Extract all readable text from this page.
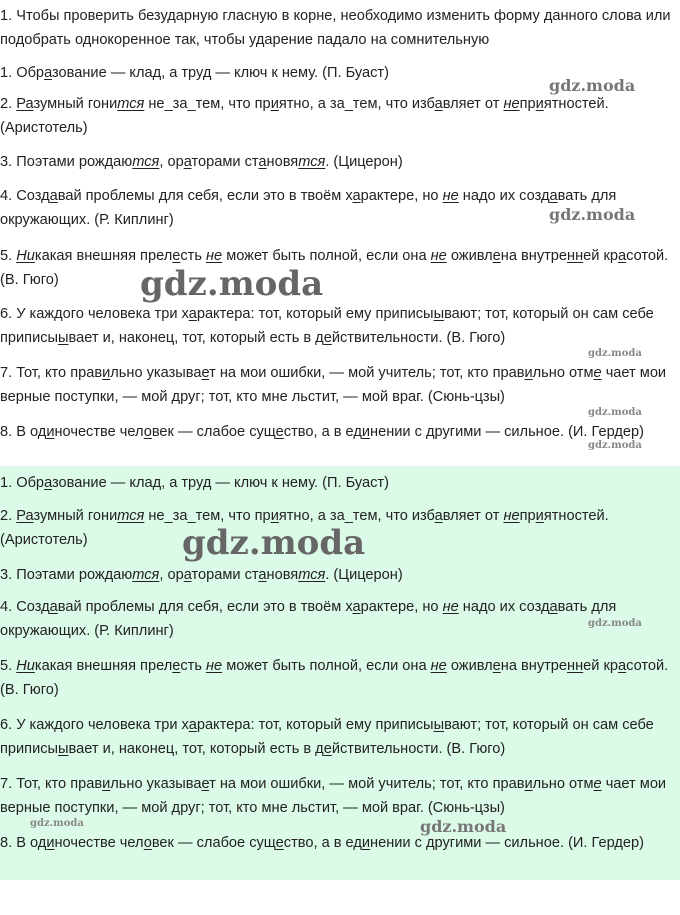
1. Чтобы проверить безударную гласную в корне, необходимо изменить форму данного слова или подобрать однокоренное так, чтобы ударение падало на сомнительную

1. Образование — клад, а труд — ключ к нему. (П. Буаст)

2. Разумный гонится не_за_тем, что приятно, а за_тем, что избавляет от неприятностей. (Аристотель)

3. Поэтами рождаются, ораторами становятся. (Цицерон)

4. Создавай проблемы для себя, если это в твоём характере, но не надо их создавать для окружающих. (Р. Киплинг)

5. Никакая внешняя прелесть не может быть полной, если она не оживлена внутренней красотой. (В. Гюго)

6. У каждого человека три характера: тот, который ему приписыывают; тот, который он сам себе приписыывает и, наконец, тот, который есть в действительности. (В. Гюго)

7. Тот, кто правильно указывает на мои ошибки, — мой учитель; тот, кто правильно отме чает мои верные поступки, — мой друг; тот, кто мне льстит, — мой враг. (Сюнь-цзы)

8. В одиночестве человек — слабое существо, а в единении с другими — сильное. (И. Гердер)

1. Образование — клад, а труд — ключ к нему. (П. Буаст)

2. Разумный гонится не_за_тем, что приятно, а за_тем, что избавляет от неприятностей. (Аристотель)

3. Поэтами рождаются, ораторами становятся. (Цицерон)

4. Создавай проблемы для себя, если это в твоём характере, но не надо их создавать для окружающих. (Р. Киплинг)

5. Никакая внешняя прелесть не может быть полной, если она не оживлена внутренней красотой. (В. Гюго)

6. У каждого человека три характера: тот, который ему приписыывают; тот, который он сам себе приписыывает и, наконец, тот, который есть в действительности. (В. Гюго)

7. Тот, кто правильно указывает на мои ошибки, — мой учитель; тот, кто правильно отме чает мои верные поступки, — мой друг; тот, кто мне льстит, — мой враг. (Сюнь-цзы)

8. В одиночестве человек — слабое существо, а в единении с другими — сильное. (И. Гердер)

gdz.moda
gdz.moda
gdz.moda
gdz.moda
gdz.moda
gdz.moda
gdz.moda
gdz.moda
gdz.moda	gdz.moda
